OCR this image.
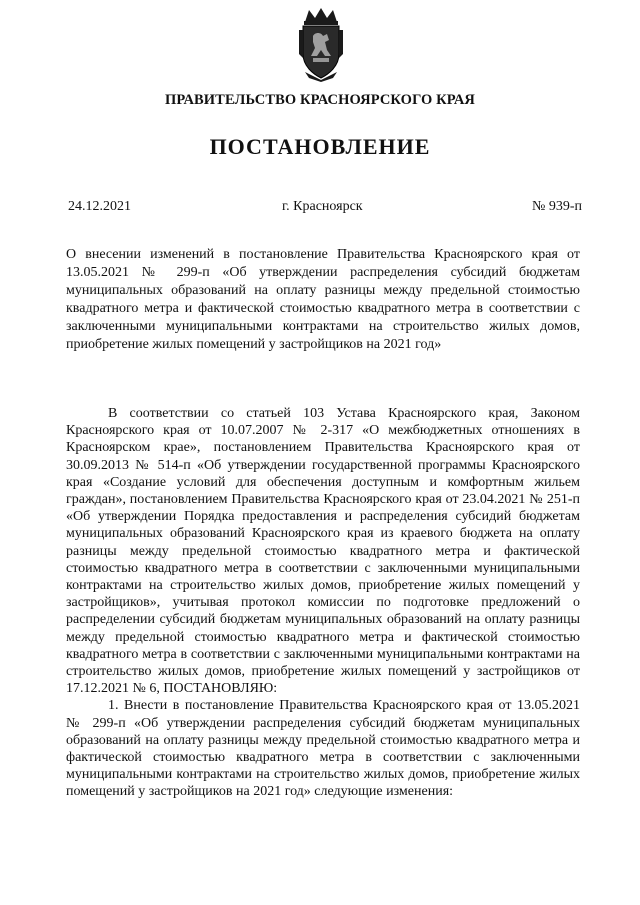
ПРАВИТЕЛЬСТВО КРАСНОЯРСКОГО КРАЯ
ПОСТАНОВЛЕНИЕ
24.12.2021	г. Красноярск	№ 939-п
О внесении изменений в постановление Правительства Красноярского края от 13.05.2021 № 299-п «Об утверждении распределения субсидий бюджетам муниципальных образований на оплату разницы между предельной стоимостью квадратного метра и фактической стоимостью квадратного метра в соответствии с заключенными муниципальными контрактами на строительство жилых домов, приобретение жилых помещений у застройщиков на 2021 год»

В соответствии со статьей 103 Устава Красноярского края, Законом Красноярского края от 10.07.2007 № 2-317 «О межбюджетных отношениях в Красноярском крае», постановлением Правительства Красноярского края от 30.09.2013 № 514-п «Об утверждении государственной программы Красноярского края «Создание условий для обеспечения доступным и комфортным жильем граждан», постановлением Правительства Красноярского края от 23.04.2021 № 251-п «Об утверждении Порядка предоставления и распределения субсидий бюджетам муниципальных образований Красноярского края из краевого бюджета на оплату разницы между предельной стоимостью квадратного метра и фактической стоимостью квадратного метра в соответствии с заключенными муниципальными контрактами на строительство жилых домов, приобретение жилых помещений у застройщиков», учитывая протокол комиссии по подготовке предложений о распределении субсидий бюджетам муниципальных образований на оплату разницы между предельной стоимостью квадратного метра и фактической стоимостью квадратного метра в соответствии с заключенными муниципальными контрактами на строительство жилых домов, приобретение жилых помещений у застройщиков от 17.12.2021 № 6, ПОСТАНОВЛЯЮ:

1. Внести в постановление Правительства Красноярского края от 13.05.2021 № 299-п «Об утверждении распределения субсидий бюджетам муниципальных образований на оплату разницы между предельной стоимостью квадратного метра и фактической стоимостью квадратного метра в соответствии с заключенными муниципальными контрактами на строительство жилых домов, приобретение жилых помещений у застройщиков на 2021 год» следующие изменения:
